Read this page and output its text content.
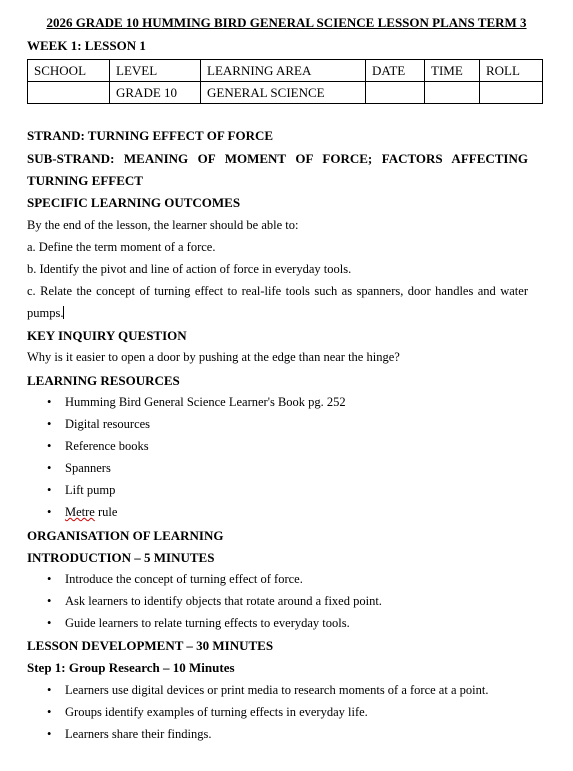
2026 GRADE 10 HUMMING BIRD GENERAL SCIENCE LESSON PLANS TERM 3
WEEK 1: LESSON 1
SCHOOL	LEVEL	LEARNING AREA	DATE	TIME	ROLL
	GRADE 10	GENERAL SCIENCE			
STRAND: TURNING EFFECT OF FORCE
SUB-STRAND: MEANING OF MOMENT OF FORCE; FACTORS AFFECTING
TURNING EFFECT
SPECIFIC LEARNING OUTCOMES
By the end of the lesson, the learner should be able to:
a. Define the term moment of a force.
b. Identify the pivot and line of action of force in everyday tools.
c. Relate the concept of turning effect to real-life tools such as spanners, door handles and water
pumps.
KEY INQUIRY QUESTION
Why is it easier to open a door by pushing at the edge than near the hinge?
LEARNING RESOURCES
• Humming Bird General Science Learner's Book pg. 252
• Digital resources
• Reference books
• Spanners
• Lift pump
• Metre rule
ORGANISATION OF LEARNING
INTRODUCTION – 5 MINUTES
• Introduce the concept of turning effect of force.
• Ask learners to identify objects that rotate around a fixed point.
• Guide learners to relate turning effects to everyday tools.
LESSON DEVELOPMENT – 30 MINUTES
Step 1: Group Research – 10 Minutes
• Learners use digital devices or print media to research moments of a force at a point.
• Groups identify examples of turning effects in everyday life.
• Learners share their findings.
